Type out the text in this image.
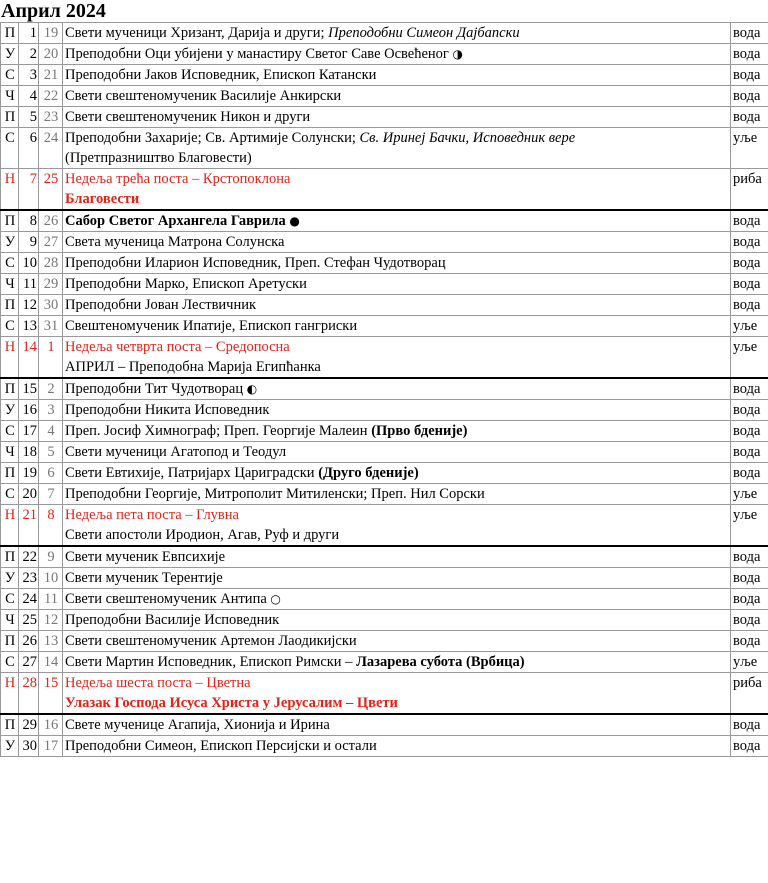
Април 2024
П	1	19	Свети мученици Хризант, Дарија и други; Преподобни Симеон Дајбапски	вода
У	2	20	Преподобни Оци убијени у манастиру Светог Саве Освећеног ◑	вода
С	3	21	Преподобни Јаков Исповедник, Епископ Катански	вода
Ч	4	22	Свети свештеномученик Василије Анкирски	вода
П	5	23	Свети свештеномученик Никон и други	вода
С	6	24	Преподобни Захарије; Св. Артимије Солунски; Св. Иринеј Бачки, Исповедник вере
(Претпразништво Благовести)	уље
Н	7	25	Недеља трећа поста – Крстопоклона
Благовести	риба
П	8	26	Сабор Светог Архангела Гаврила ●	вода
У	9	27	Света мученица Матрона Солунска	вода
С	10	28	Преподобни Иларион Исповедник, Преп. Стефан Чудотворац	вода
Ч	11	29	Преподобни Марко, Епископ Аретуски	вода
П	12	30	Преподобни Јован Лествичник	вода
С	13	31	Свештеномученик Ипатије, Епископ гангриски	уље
Н	14	1	Недеља четврта поста – Средопосна
АПРИЛ – Преподобна Марија Египћанка	уље
П	15	2	Преподобни Тит Чудотворац ◐	вода
У	16	3	Преподобни Никита Исповедник	вода
С	17	4	Преп. Јосиф Химнограф; Преп. Георгије Малеин (Прво бденије)	вода
Ч	18	5	Свети мученици Агатопод и Теодул	вода
П	19	6	Свети Евтихије, Патријарх Цариградски (Друго бденије)	вода
С	20	7	Преподобни Георгије, Митрополит Митиленски; Преп. Нил Сорски	уље
Н	21	8	Недеља пета поста – Глувна
Свети апостоли Иродион, Агав, Руф и други	уље
П	22	9	Свети мученик Евпсихије	вода
У	23	10	Свети мученик Терентије	вода
С	24	11	Свети свештеномученик Антипа ○	вода
Ч	25	12	Преподобни Василије Исповедник	вода
П	26	13	Свети свештеномученик Артемон Лаодикијски	вода
С	27	14	Свети Мартин Исповедник, Епископ Римски – Лазарева субота (Врбица)	уље
Н	28	15	Недеља шеста поста – Цветна
Улазак Господа Исуса Христа у Јерусалим – Цвети	риба
П	29	16	Свете мученице Агапија, Хионија и Ирина	вода
У	30	17	Преподобни Симеон, Епископ Персијски и остали	вода
